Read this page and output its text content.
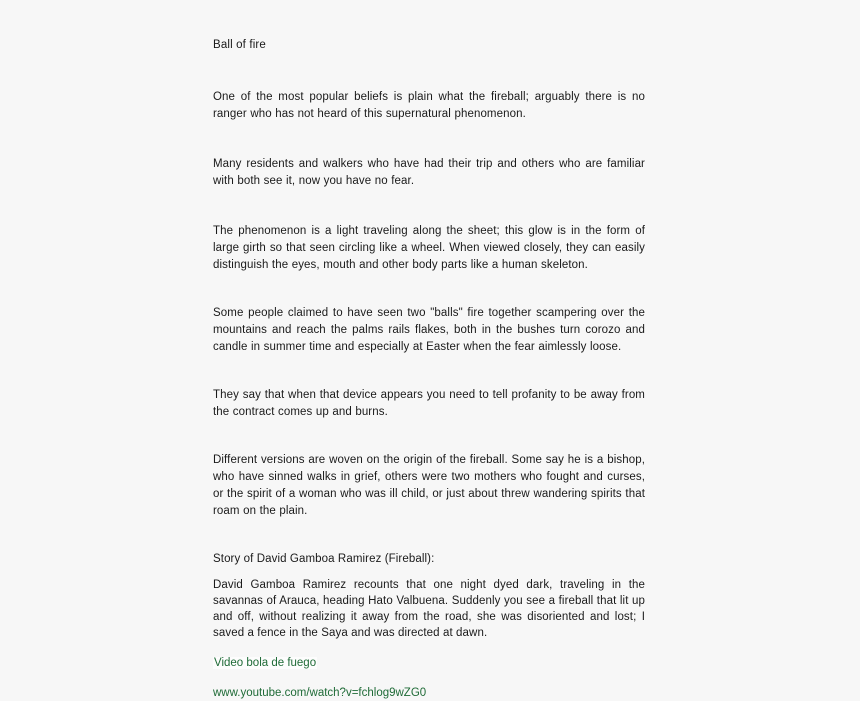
Ball of fire

One of the most popular beliefs is plain what the fireball; arguably there is no ranger who has not heard of this supernatural phenomenon.

Many residents and walkers who have had their trip and others who are familiar with both see it, now you have no fear.

The phenomenon is a light traveling along the sheet; this glow is in the form of large girth so that seen circling like a wheel. When viewed closely, they can easily distinguish the eyes, mouth and other body parts like a human skeleton.

Some people claimed to have seen two "balls" fire together scampering over the mountains and reach the palms rails flakes, both in the bushes turn corozo and candle in summer time and especially at Easter when the fear aimlessly loose.

They say that when that device appears you need to tell profanity to be away from the contract comes up and burns.

Different versions are woven on the origin of the fireball. Some say he is a bishop, who have sinned walks in grief, others were two mothers who fought and curses, or the spirit of a woman who was ill child, or just about threw wandering spirits that roam on the plain.

Story of David Gamboa Ramirez (Fireball):

David Gamboa Ramirez recounts that one night dyed dark, traveling in the savannas of Arauca, heading Hato Valbuena. Suddenly you see a fireball that lit up and off, without realizing it away from the road, she was disoriented and lost; I saved a fence in the Saya and was directed at dawn.

Video bola de fuego

www.youtube.com/watch?v=fchlog9wZG0
